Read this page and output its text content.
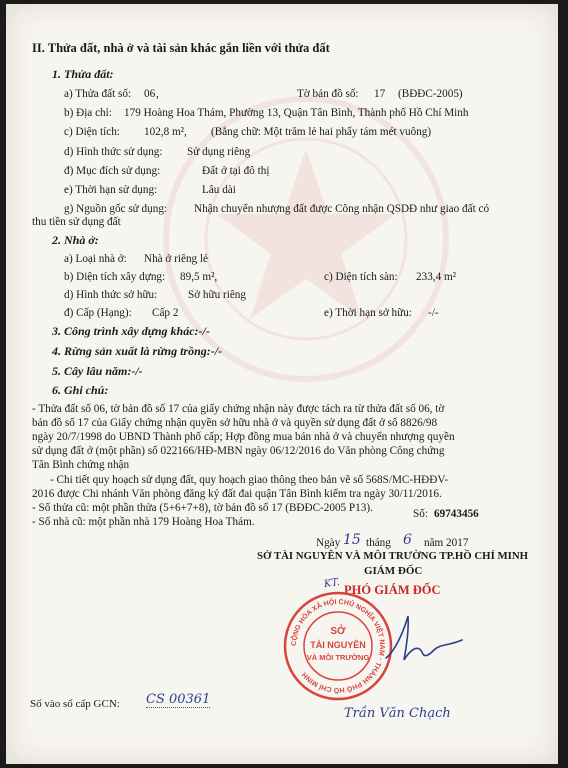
II. Thửa đất, nhà ở và tài sản khác gắn liền với thửa đất
1. Thửa đất:
a) Thửa đất số: 06 ,	Tờ bản đồ số: 17 (BĐĐC-2005)
b) Địa chỉ: 179 Hoàng Hoa Thám, Phường 13, Quận Tân Bình, Thành phố Hồ Chí Minh
c) Diện tích: 102,8 m², (Bằng chữ: Một trăm lẻ hai phẩy tám mét vuông)
d) Hình thức sử dụng: Sử dụng riêng
đ) Mục đích sử dụng:	Đất ở tại đô thị
e) Thời hạn sử dụng:	Lâu dài
g) Nguồn gốc sử dụng: Nhận chuyển nhượng đất được Công nhận QSDĐ như giao đất có
thu tiền sử dụng đất
2. Nhà ở:
a) Loại nhà ở: Nhà ở riêng lẻ
b) Diện tích xây dựng: 89,5 m²,	c) Diện tích sàn: 233,4 m²
d) Hình thức sở hữu:	Sở hữu riêng
đ) Cấp (Hạng): Cấp 2	e) Thời hạn sở hữu: -/-
3. Công trình xây dựng khác:-/-
4. Rừng sản xuất là rừng trồng:-/-
5. Cây lâu năm:-/-
6. Ghi chú:
- Thửa đất số 06, tờ bản đồ số 17 của giấy chứng nhận này được tách ra từ thửa đất số 06, tờ
bản đồ số 17 của Giấy chứng nhận quyền sở hữu nhà ở và quyền sử dụng đất ở số 8826/98
ngày 20/7/1998 do UBND Thành phố cấp; Hợp đồng mua bán nhà ở và chuyển nhượng quyền
sử dụng đất ở (một phần) số 022166/HĐ-MBN ngày 06/12/2016 do Văn phòng Công chứng
Tân Bình chứng nhận
- Chi tiết quy hoạch sử dụng đất, quy hoạch giao thông theo bản vẽ số 568S/MC-HĐĐV-
2016 được Chi nhánh Văn phòng đăng ký đất đai quận Tân Bình kiểm tra ngày 30/11/2016.
- Số thửa cũ: một phần thửa (5+6+7+8), tờ bản đồ số 17 (BĐĐC-2005 P13).
- Số nhà cũ: một phần nhà 179 Hoàng Hoa Thám.
Số: 69743456
Ngày 15 tháng 6 năm 2017
SỞ TÀI NGUYÊN VÀ MÔI TRƯỜNG TP.HỒ CHÍ MINH
GIÁM ĐỐC
KT. PHÓ GIÁM ĐỐC
CỘNG HÒA XÃ HỘI CHỦ NGHĨA VIỆT NAM · THÀNH PHỐ HỒ CHÍ MINH
SỞ
TÀI NGUYÊN
VÀ MÔI TRƯỜNG
Trần Văn Chạch
Số vào sổ cấp GCN: CS 00361
